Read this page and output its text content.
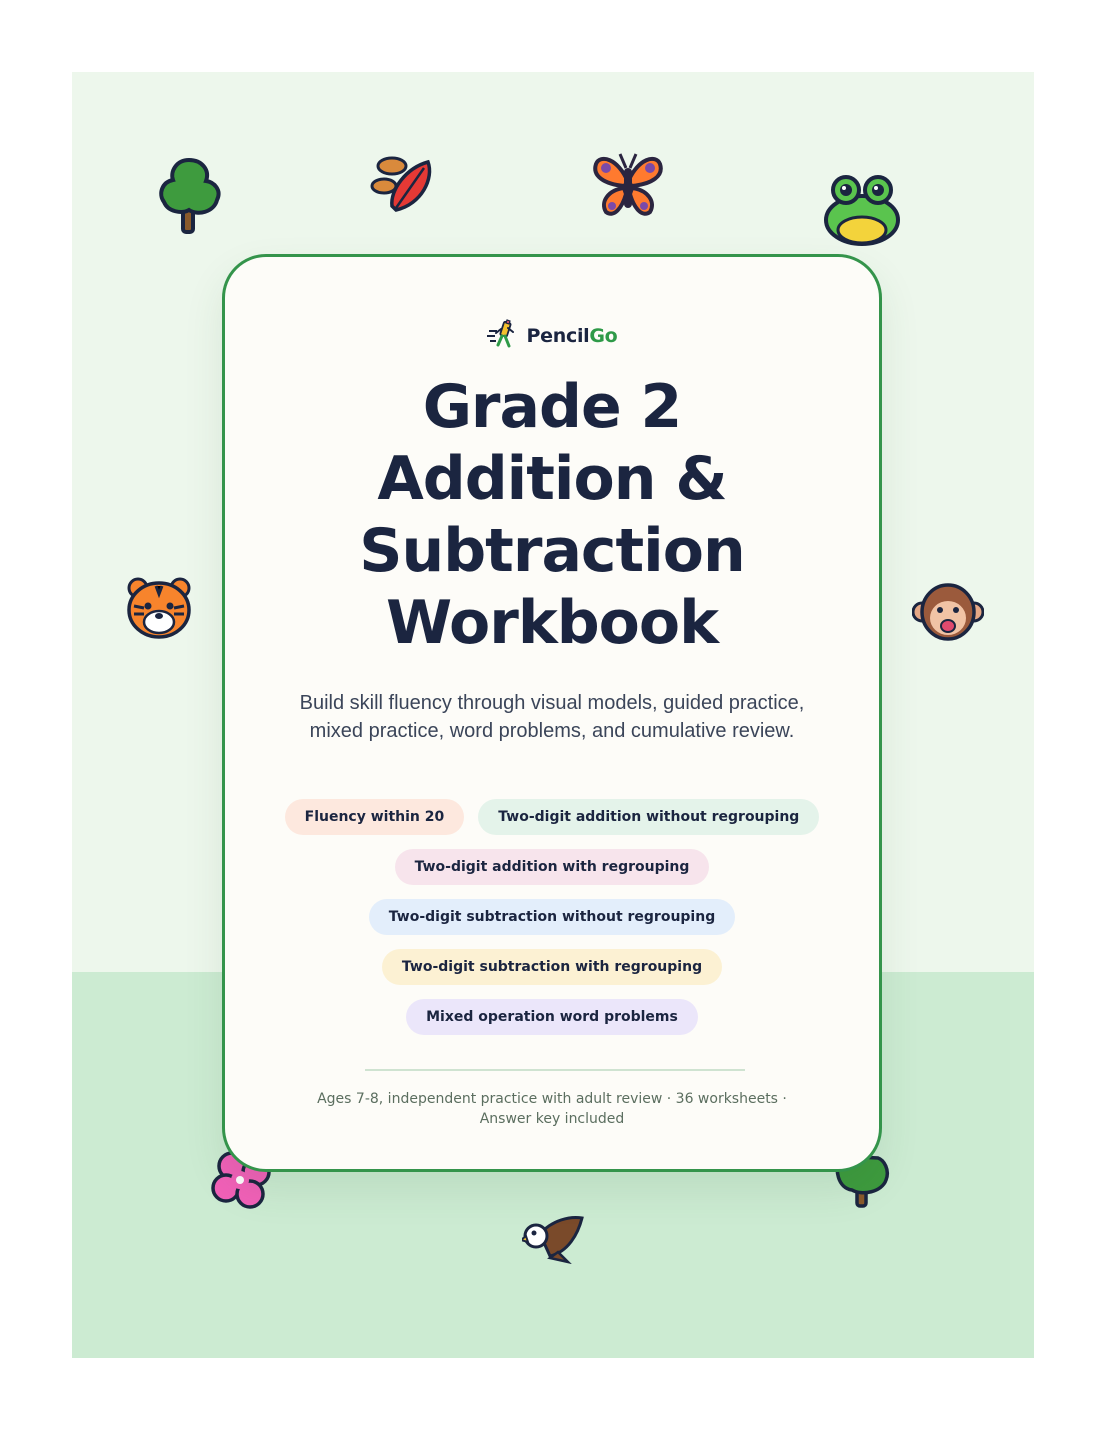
PencilGo
Grade 2
Addition &
Subtraction
Workbook

Build skill fluency through visual models, guided practice, mixed practice, word problems, and cumulative review.

Fluency within 20	Two-digit addition without regrouping
Two-digit addition with regrouping
Two-digit subtraction without regrouping
Two-digit subtraction with regrouping
Mixed operation word problems
Ages 7-8, independent practice with adult review · 36 worksheets ·
Answer key included
